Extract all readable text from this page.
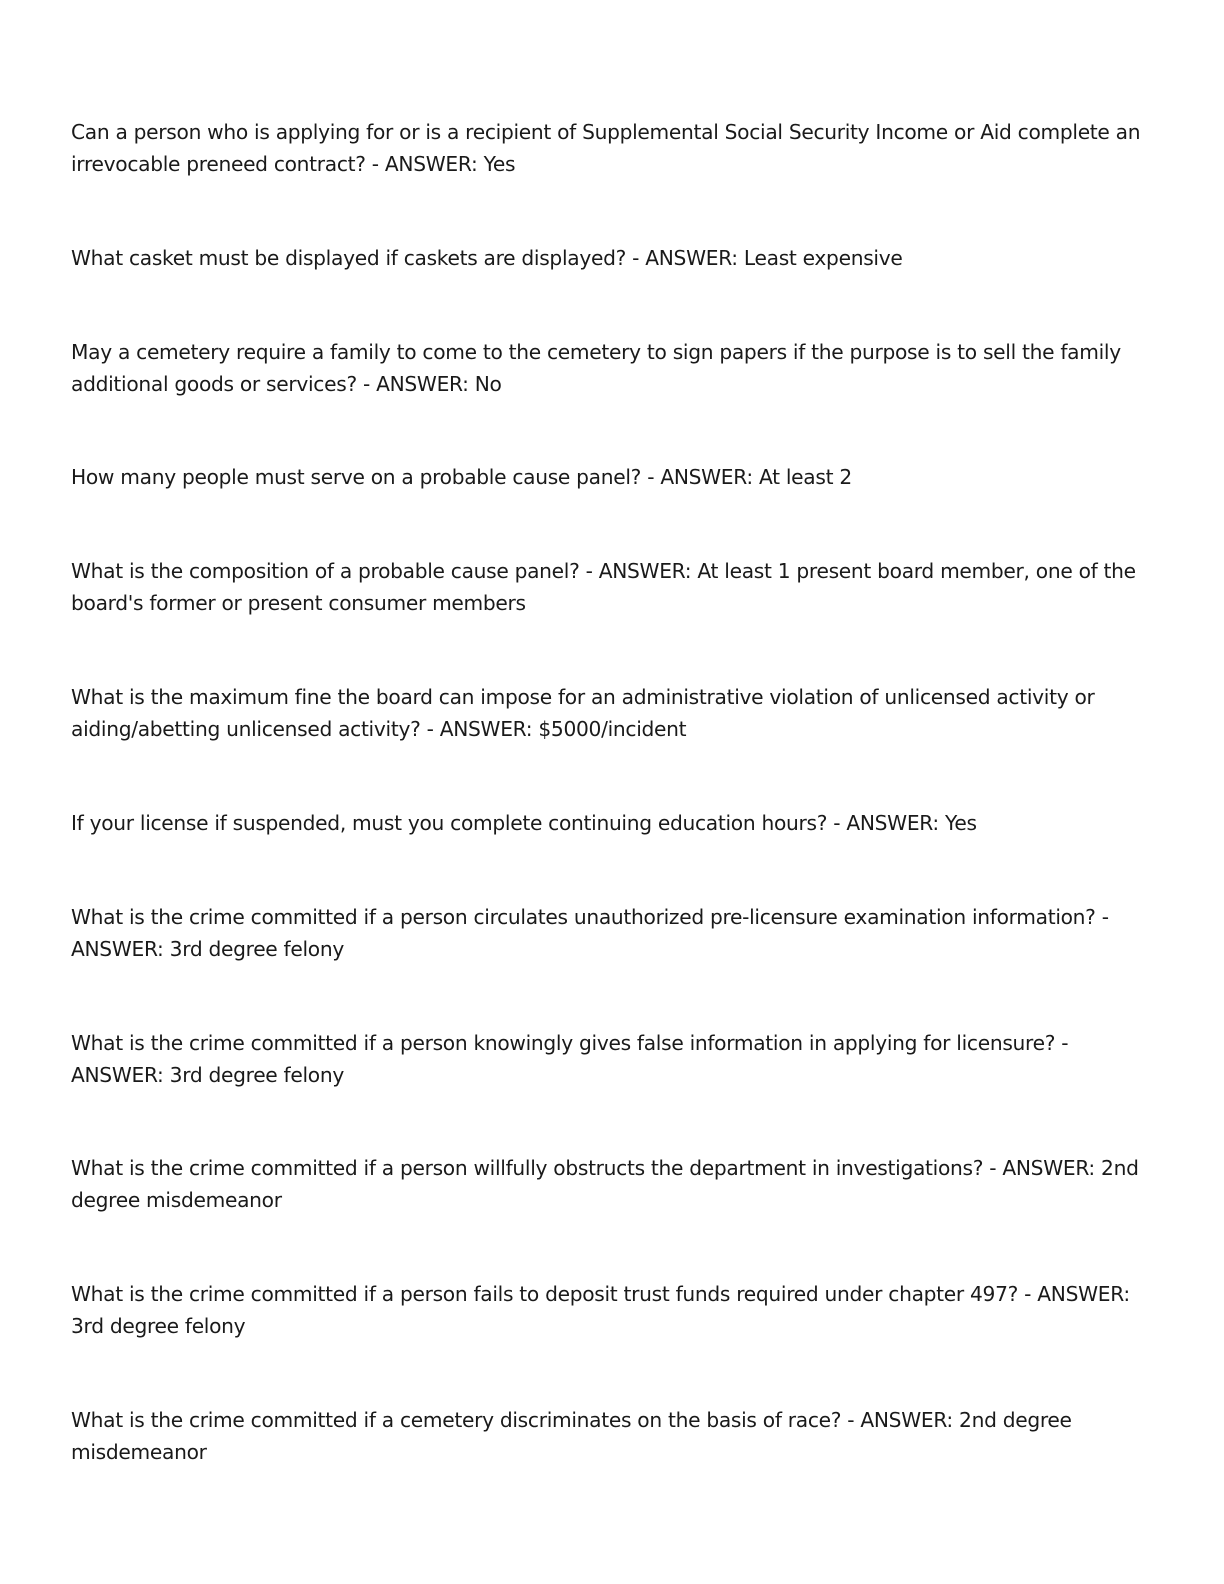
Can a person who is applying for or is a recipient of Supplemental Social Security Income or Aid complete an irrevocable preneed contract? - ANSWER: Yes

What casket must be displayed if caskets are displayed? - ANSWER: Least expensive

May a cemetery require a family to come to the cemetery to sign papers if the purpose is to sell the family additional goods or services? - ANSWER: No

How many people must serve on a probable cause panel? - ANSWER: At least 2

What is the composition of a probable cause panel? - ANSWER: At least 1 present board member, one of the board's former or present consumer members

What is the maximum fine the board can impose for an administrative violation of unlicensed activity or aiding/abetting unlicensed activity? - ANSWER: $5000/incident

If your license if suspended, must you complete continuing education hours? - ANSWER: Yes

What is the crime committed if a person circulates unauthorized pre-licensure examination information? - ANSWER: 3rd degree felony

What is the crime committed if a person knowingly gives false information in applying for licensure? - ANSWER: 3rd degree felony

What is the crime committed if a person willfully obstructs the department in investigations? - ANSWER: 2nd degree misdemeanor

What is the crime committed if a person fails to deposit trust funds required under chapter 497? - ANSWER: 3rd degree felony

What is the crime committed if a cemetery discriminates on the basis of race? - ANSWER: 2nd degree misdemeanor
